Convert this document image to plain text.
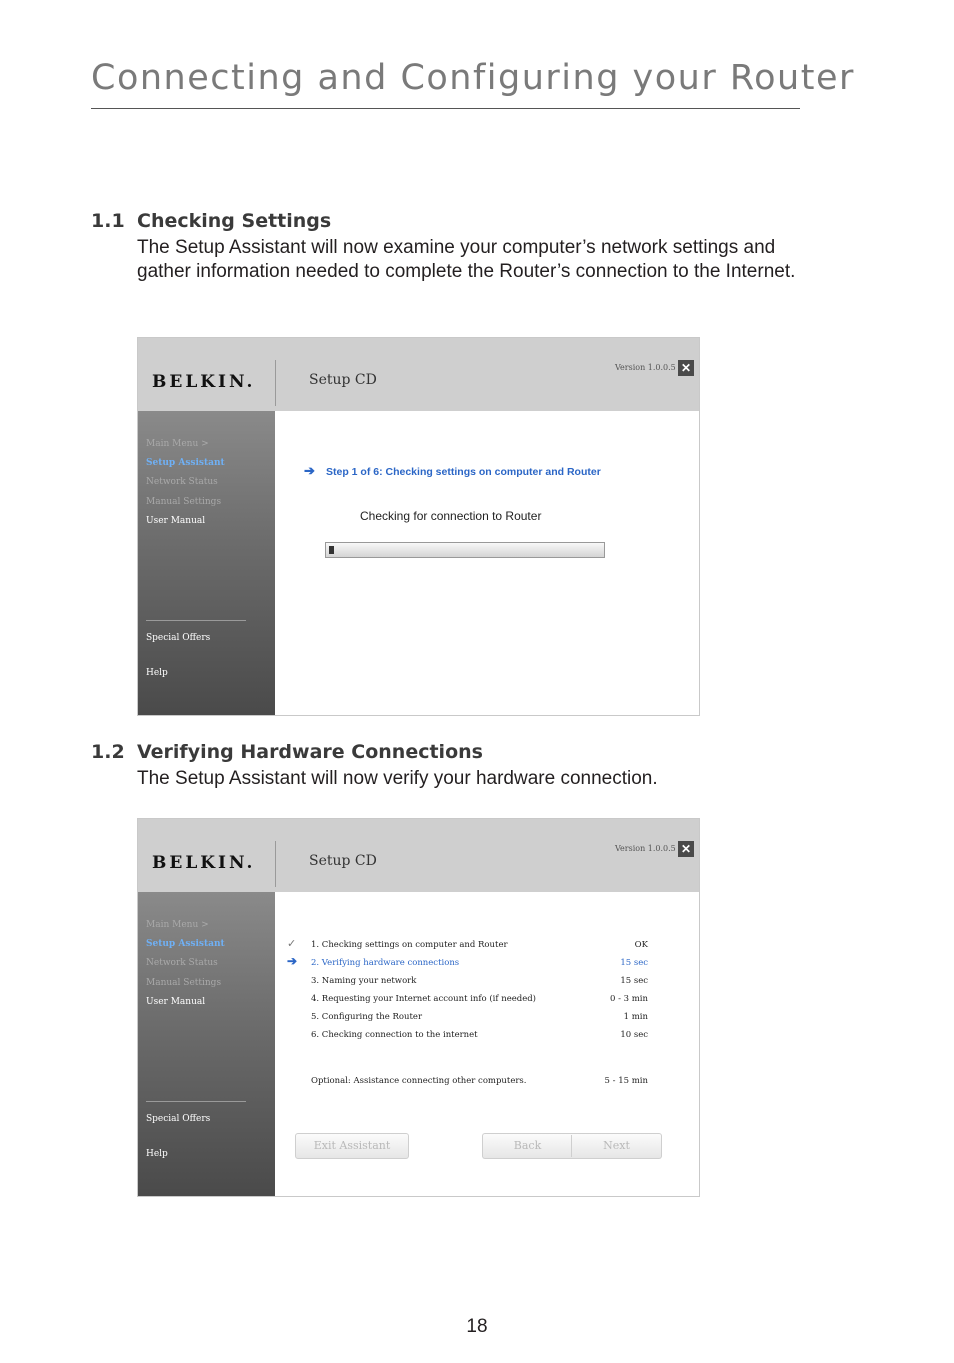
Connecting and Configuring your Router
1.1 Checking Settings

The Setup Assistant will now examine your computer’s network settings and gather information needed to complete the Router’s connection to the Internet.

BELKIN.	Setup CD
Version 1.0.0.5 ✕
Main Menu >
Setup Assistant
Network Status
Manual Settings
User Manual
Special Offers
Help
➔ Step 1 of 6: Checking settings on computer and Router
Checking for connection to Router
1.2 Verifying Hardware Connections

The Setup Assistant will now verify your hardware connection.

BELKIN.	Setup CD
Version 1.0.0.5 ✕
Main Menu >
Setup Assistant
Network Status
Manual Settings
User Manual
Special Offers
Help
✓
➔
1. Checking settings on computer and Router	OK
2. Verifying hardware connections	15 sec
3. Naming your network	15 sec
4. Requesting your Internet account info (if needed)	0 - 3 min
5. Configuring the Router	1 min
6. Checking connection to the internet	10 sec
Optional: Assistance connecting other computers.	5 - 15 min
Exit Assistant	Back	Next
18
